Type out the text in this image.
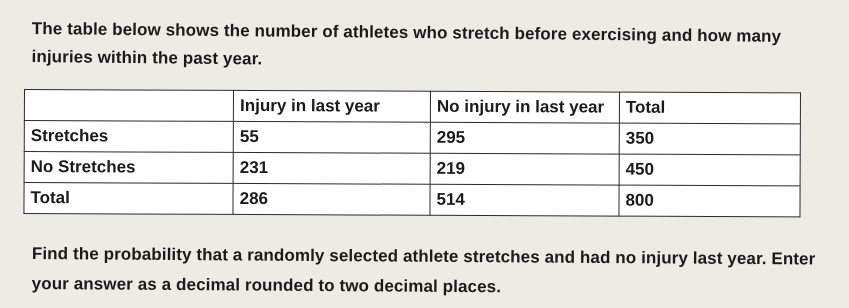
The table below shows the number of athletes who stretch before exercising and how many injuries within the past year.
	Injury in last year	No injury in last year	Total
Stretches	55	295	350
No Stretches	231	219	450
Total	286	514	800
Find the probability that a randomly selected athlete stretches and had no injury last year. Enter your answer as a decimal rounded to two decimal places.
